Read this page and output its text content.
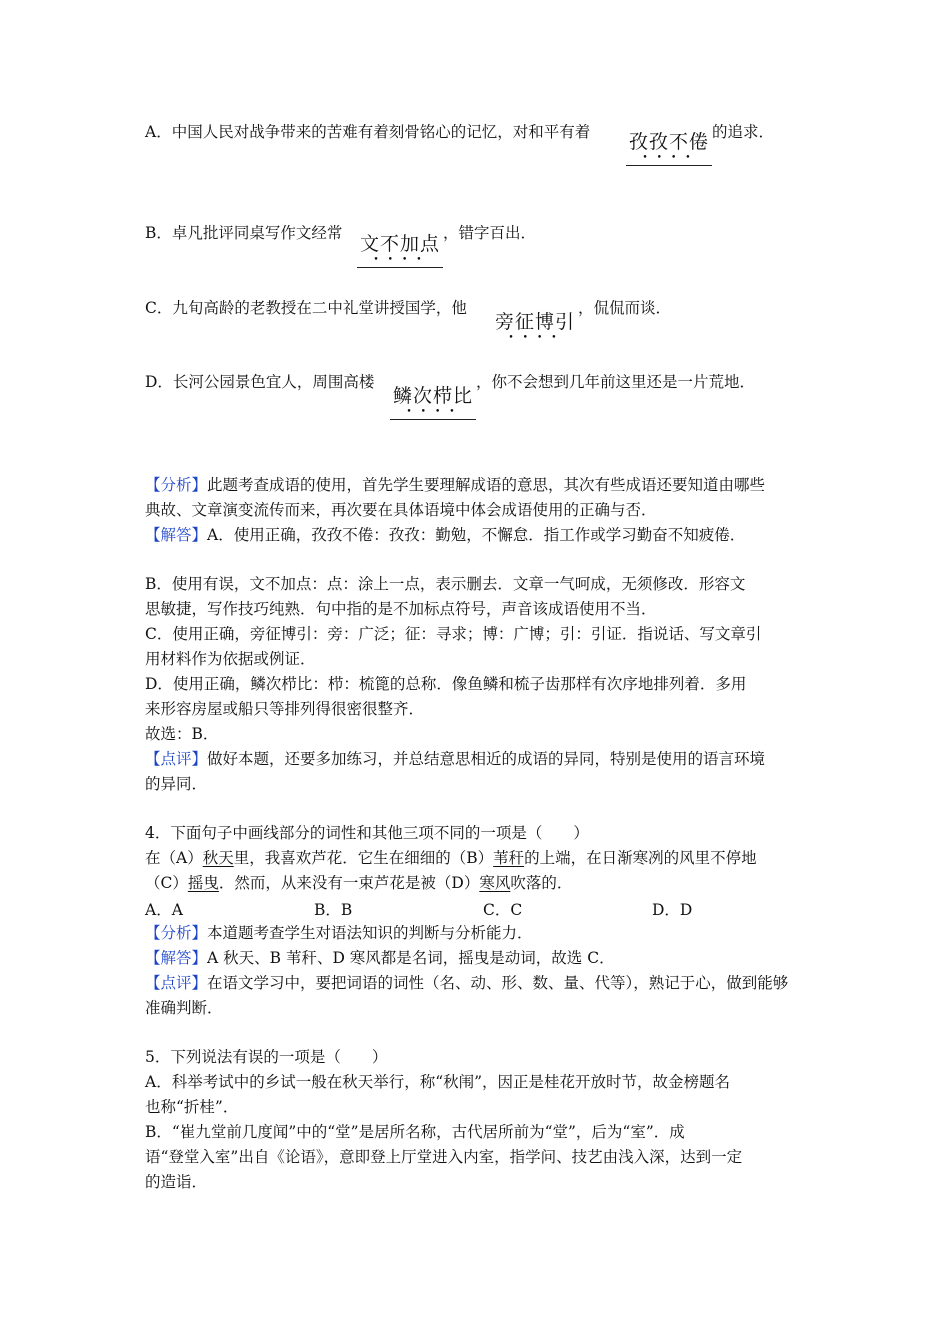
A．中国人民对战争带来的苦难有着刻骨铭心的记忆，对和平有着 孜孜不倦
••••
的追求．
B．卓凡批评同桌写作文经常 文不加点
••••
，错字百出．
C．九旬高龄的老教授在二中礼堂讲授国学，他
旁征博引
••••
，侃侃而谈．
D．长河公园景色宜人，周围高楼
鳞次栉比
••••
，你不会想到几年前这里还是一片荒地．
【分析】此题考查成语的使用，首先学生要理解成语的意思，其次有些成语还要知道由哪些
典故、文章演变流传而来，再次要在具体语境中体会成语使用的正确与否．
【解答】A．使用正确，孜孜不倦：孜孜：勤勉，不懈怠．指工作或学习勤奋不知疲倦．
B．使用有误，文不加点：点：涂上一点，表示删去．文章一气呵成，无须修改．形容文
思敏捷，写作技巧纯熟．句中指的是不加标点符号，声音该成语使用不当．
C．使用正确，旁征博引：旁：广泛；征：寻求；博：广博；引：引证．指说话、写文章引
用材料作为依据或例证．
D．使用正确，鳞次栉比：栉：梳篦的总称．像鱼鳞和梳子齿那样有次序地排列着．多用
来形容房屋或船只等排列得很密很整齐．
故选：B．
【点评】做好本题，还要多加练习，并总结意思相近的成语的异同，特别是使用的语言环境
的异同．
4．下面句子中画线部分的词性和其他三项不同的一项是（　　）
在（A）秋天里，我喜欢芦花．它生在细细的（B）苇秆的上端，在日渐寒冽的风里不停地
（C）摇曳．然而，从来没有一束芦花是被（D）寒风吹落的．
A．A	B．B	C．C	D．D
【分析】本道题考查学生对语法知识的判断与分析能力．
【解答】A 秋天、B 苇秆、D 寒风都是名词，摇曳是动词，故选 C．
【点评】在语文学习中，要把词语的词性（名、动、形、数、量、代等），熟记于心，做到能够
准确判断．
5．下列说法有误的一项是（　　）
A．科举考试中的乡试一般在秋天举行，称“秋闱”，因正是桂花开放时节，故金榜题名
也称“折桂”．
B．“崔九堂前几度闻”中的“堂”是居所名称，古代居所前为“堂”，后为“室”．成
语“登堂入室”出自《论语》，意即登上厅堂进入内室，指学问、技艺由浅入深，达到一定
的造诣．
